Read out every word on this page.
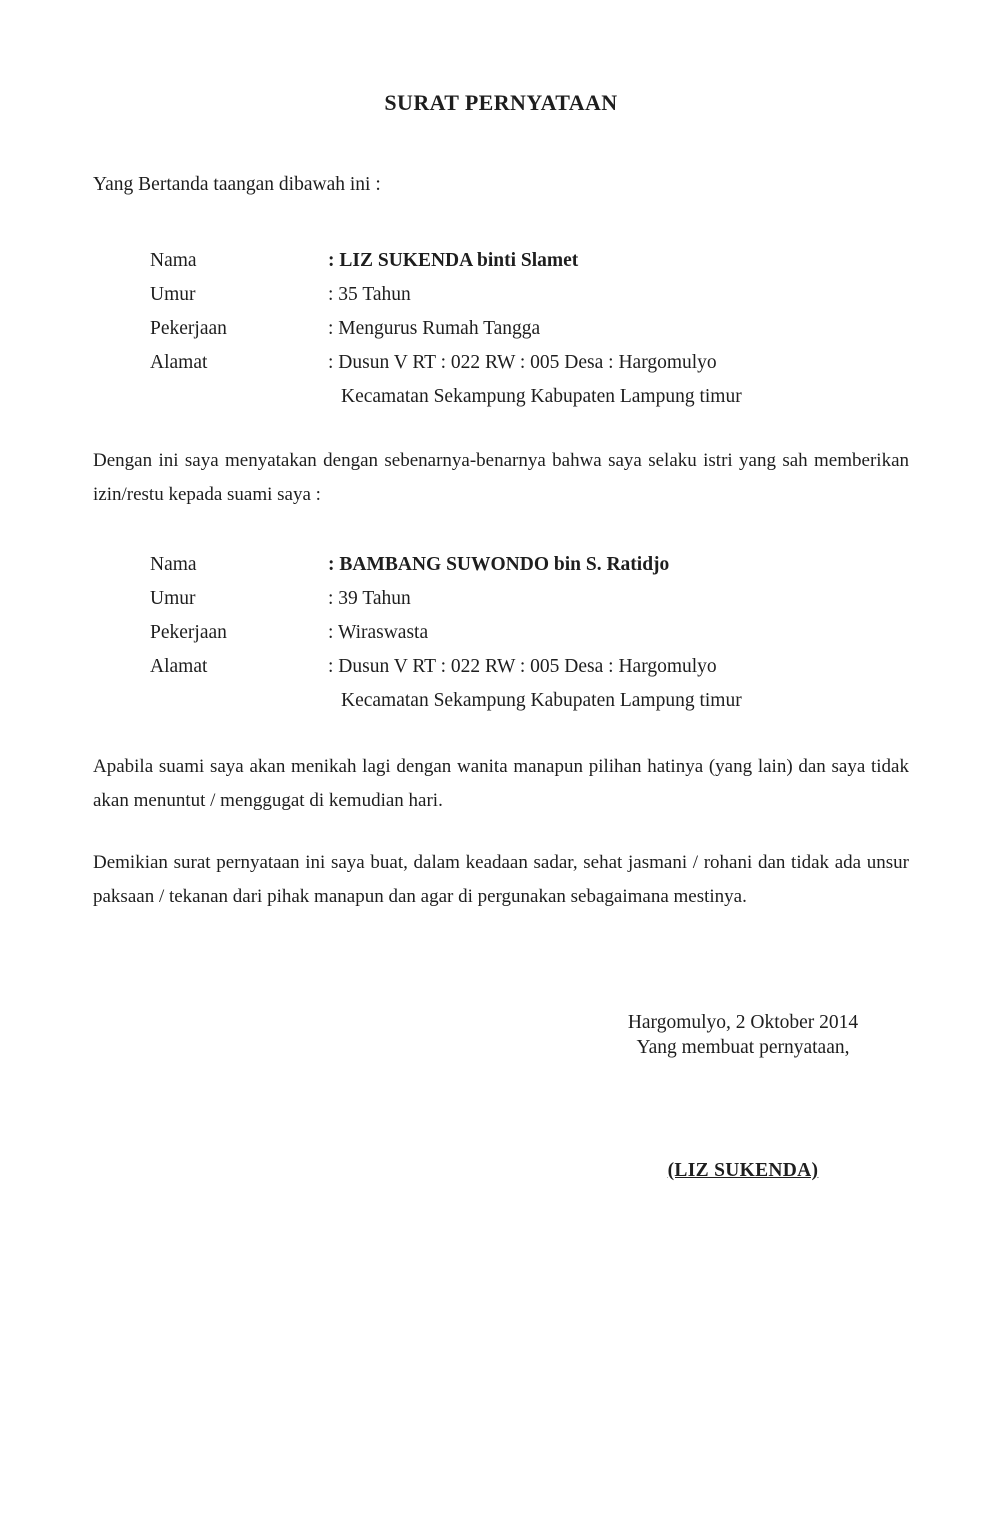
SURAT PERNYATAAN
Yang Bertanda taangan dibawah ini :
Nama	: LIZ SUKENDA binti Slamet
Umur	: 35 Tahun
Pekerjaan	: Mengurus Rumah Tangga
Alamat	: Dusun V RT : 022 RW : 005 Desa : Hargomulyo
Kecamatan Sekampung Kabupaten Lampung timur
Dengan ini saya menyatakan dengan sebenarnya-benarnya bahwa saya selaku istri yang sah memberikan izin/restu kepada suami saya :
Nama	: BAMBANG SUWONDO bin S. Ratidjo
Umur	: 39 Tahun
Pekerjaan	: Wiraswasta
Alamat	: Dusun V RT : 022 RW : 005 Desa : Hargomulyo
Kecamatan Sekampung Kabupaten Lampung timur
Apabila suami saya akan menikah lagi dengan wanita manapun pilihan hatinya (yang lain) dan saya tidak akan menuntut / menggugat di kemudian hari.
Demikian surat pernyataan ini saya buat, dalam keadaan sadar, sehat jasmani / rohani dan tidak ada unsur paksaan / tekanan dari pihak manapun dan agar di pergunakan sebagaimana mestinya.
Hargomulyo, 2 Oktober 2014
Yang membuat pernyataan,
(LIZ SUKENDA)
